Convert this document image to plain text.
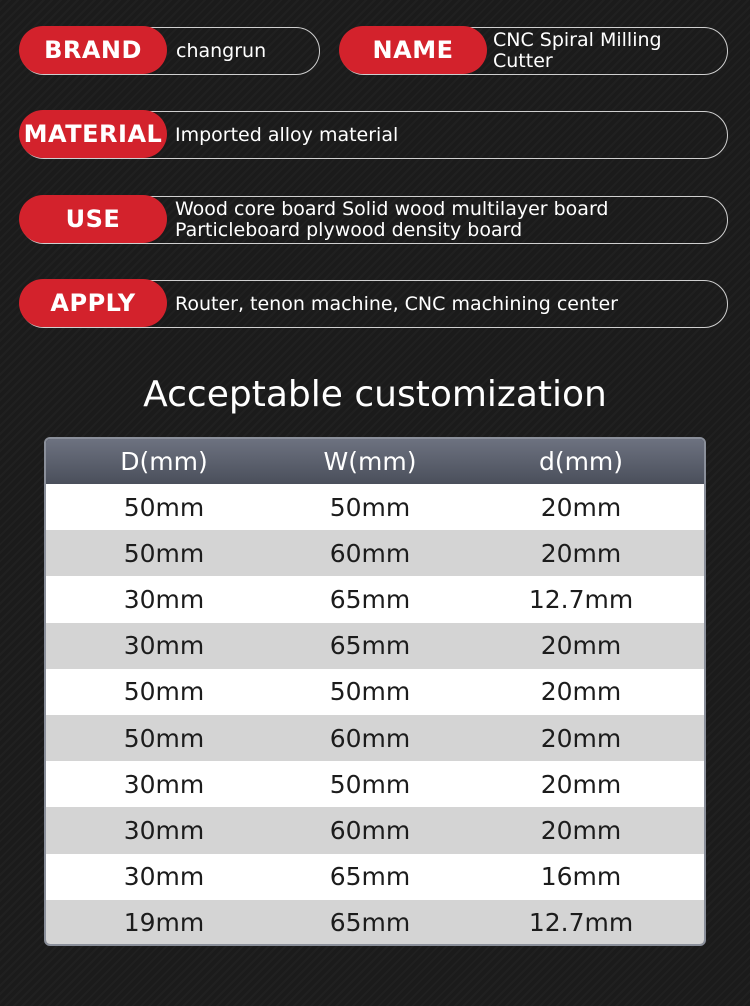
BRAND	changrun	NAME	CNC Spiral Milling
Cutter
MATERIAL Imported alloy material
USE	Wood core board Solid wood multilayer board
Particleboard plywood density board
APPLY	Router, tenon machine, CNC machining center
Acceptable customization
D(mm)	W(mm)	d(mm)
50mm	50mm	20mm
50mm	60mm	20mm
30mm	65mm	12.7mm
30mm	65mm	20mm
50mm	50mm	20mm
50mm	60mm	20mm
30mm	50mm	20mm
30mm	60mm	20mm
30mm	65mm	16mm
19mm	65mm	12.7mm
